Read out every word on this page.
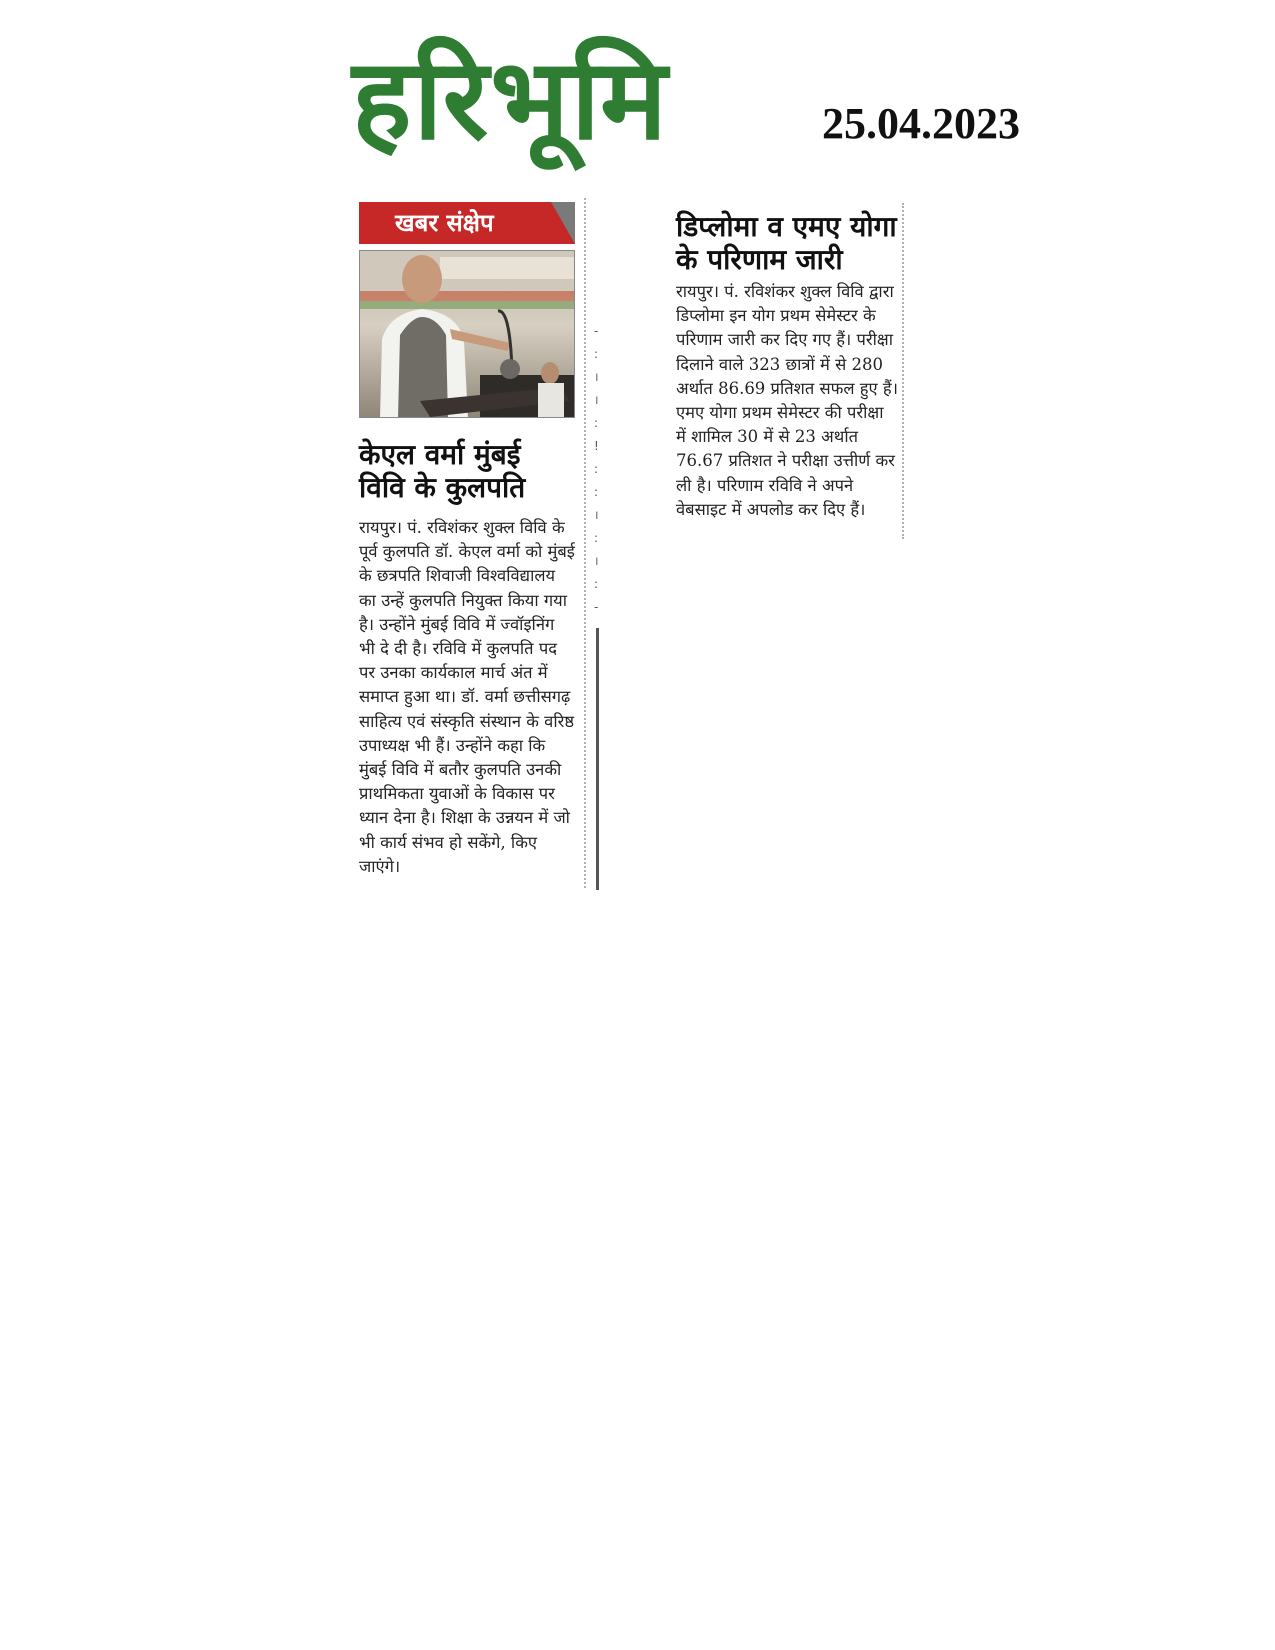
हरिभूमि	25.04.2023
खबर संक्षेप
केएल वर्मा मुंबई
विवि के कुलपति

रायपुर। पं. रविशंकर शुक्ल विवि के पूर्व कुलपति डॉ. केएल वर्मा को मुंबई के छत्रपति शिवाजी विश्वविद्यालय का उन्हें कुलपति नियुक्त किया गया है। उन्होंने मुंबई विवि में ज्वॉइनिंग भी दे दी है। रविवि में कुलपति पद पर उनका कार्यकाल मार्च अंत में समाप्त हुआ था। डॉ. वर्मा छत्तीसगढ़ साहित्य एवं संस्कृति संस्थान के वरिष्ठ उपाध्यक्ष भी हैं। उन्होंने कहा कि मुंबई विवि में बतौर कुलपति उनकी प्राथमिकता युवाओं के विकास पर ध्यान देना है। शिक्षा के उन्नयन में जो भी कार्य संभव हो सकेंगे, किए जाएंगे।

-
:
।
।
:
!
:
:
।
:
।
:
-
डिप्लोमा व एमए योगा
के परिणाम जारी

रायपुर। पं. रविशंकर शुक्ल विवि द्वारा डिप्लोमा इन योग प्रथम सेमेस्टर के परिणाम जारी कर दिए गए हैं। परीक्षा दिलाने वाले 323 छात्रों में से 280 अर्थात 86.69 प्रतिशत सफल हुए हैं। एमए योगा प्रथम सेमेस्टर की परीक्षा में शामिल 30 में से 23 अर्थात 76.67 प्रतिशत ने परीक्षा उत्तीर्ण कर ली है। परिणाम रविवि ने अपने वेबसाइट में अपलोड कर दिए हैं।
